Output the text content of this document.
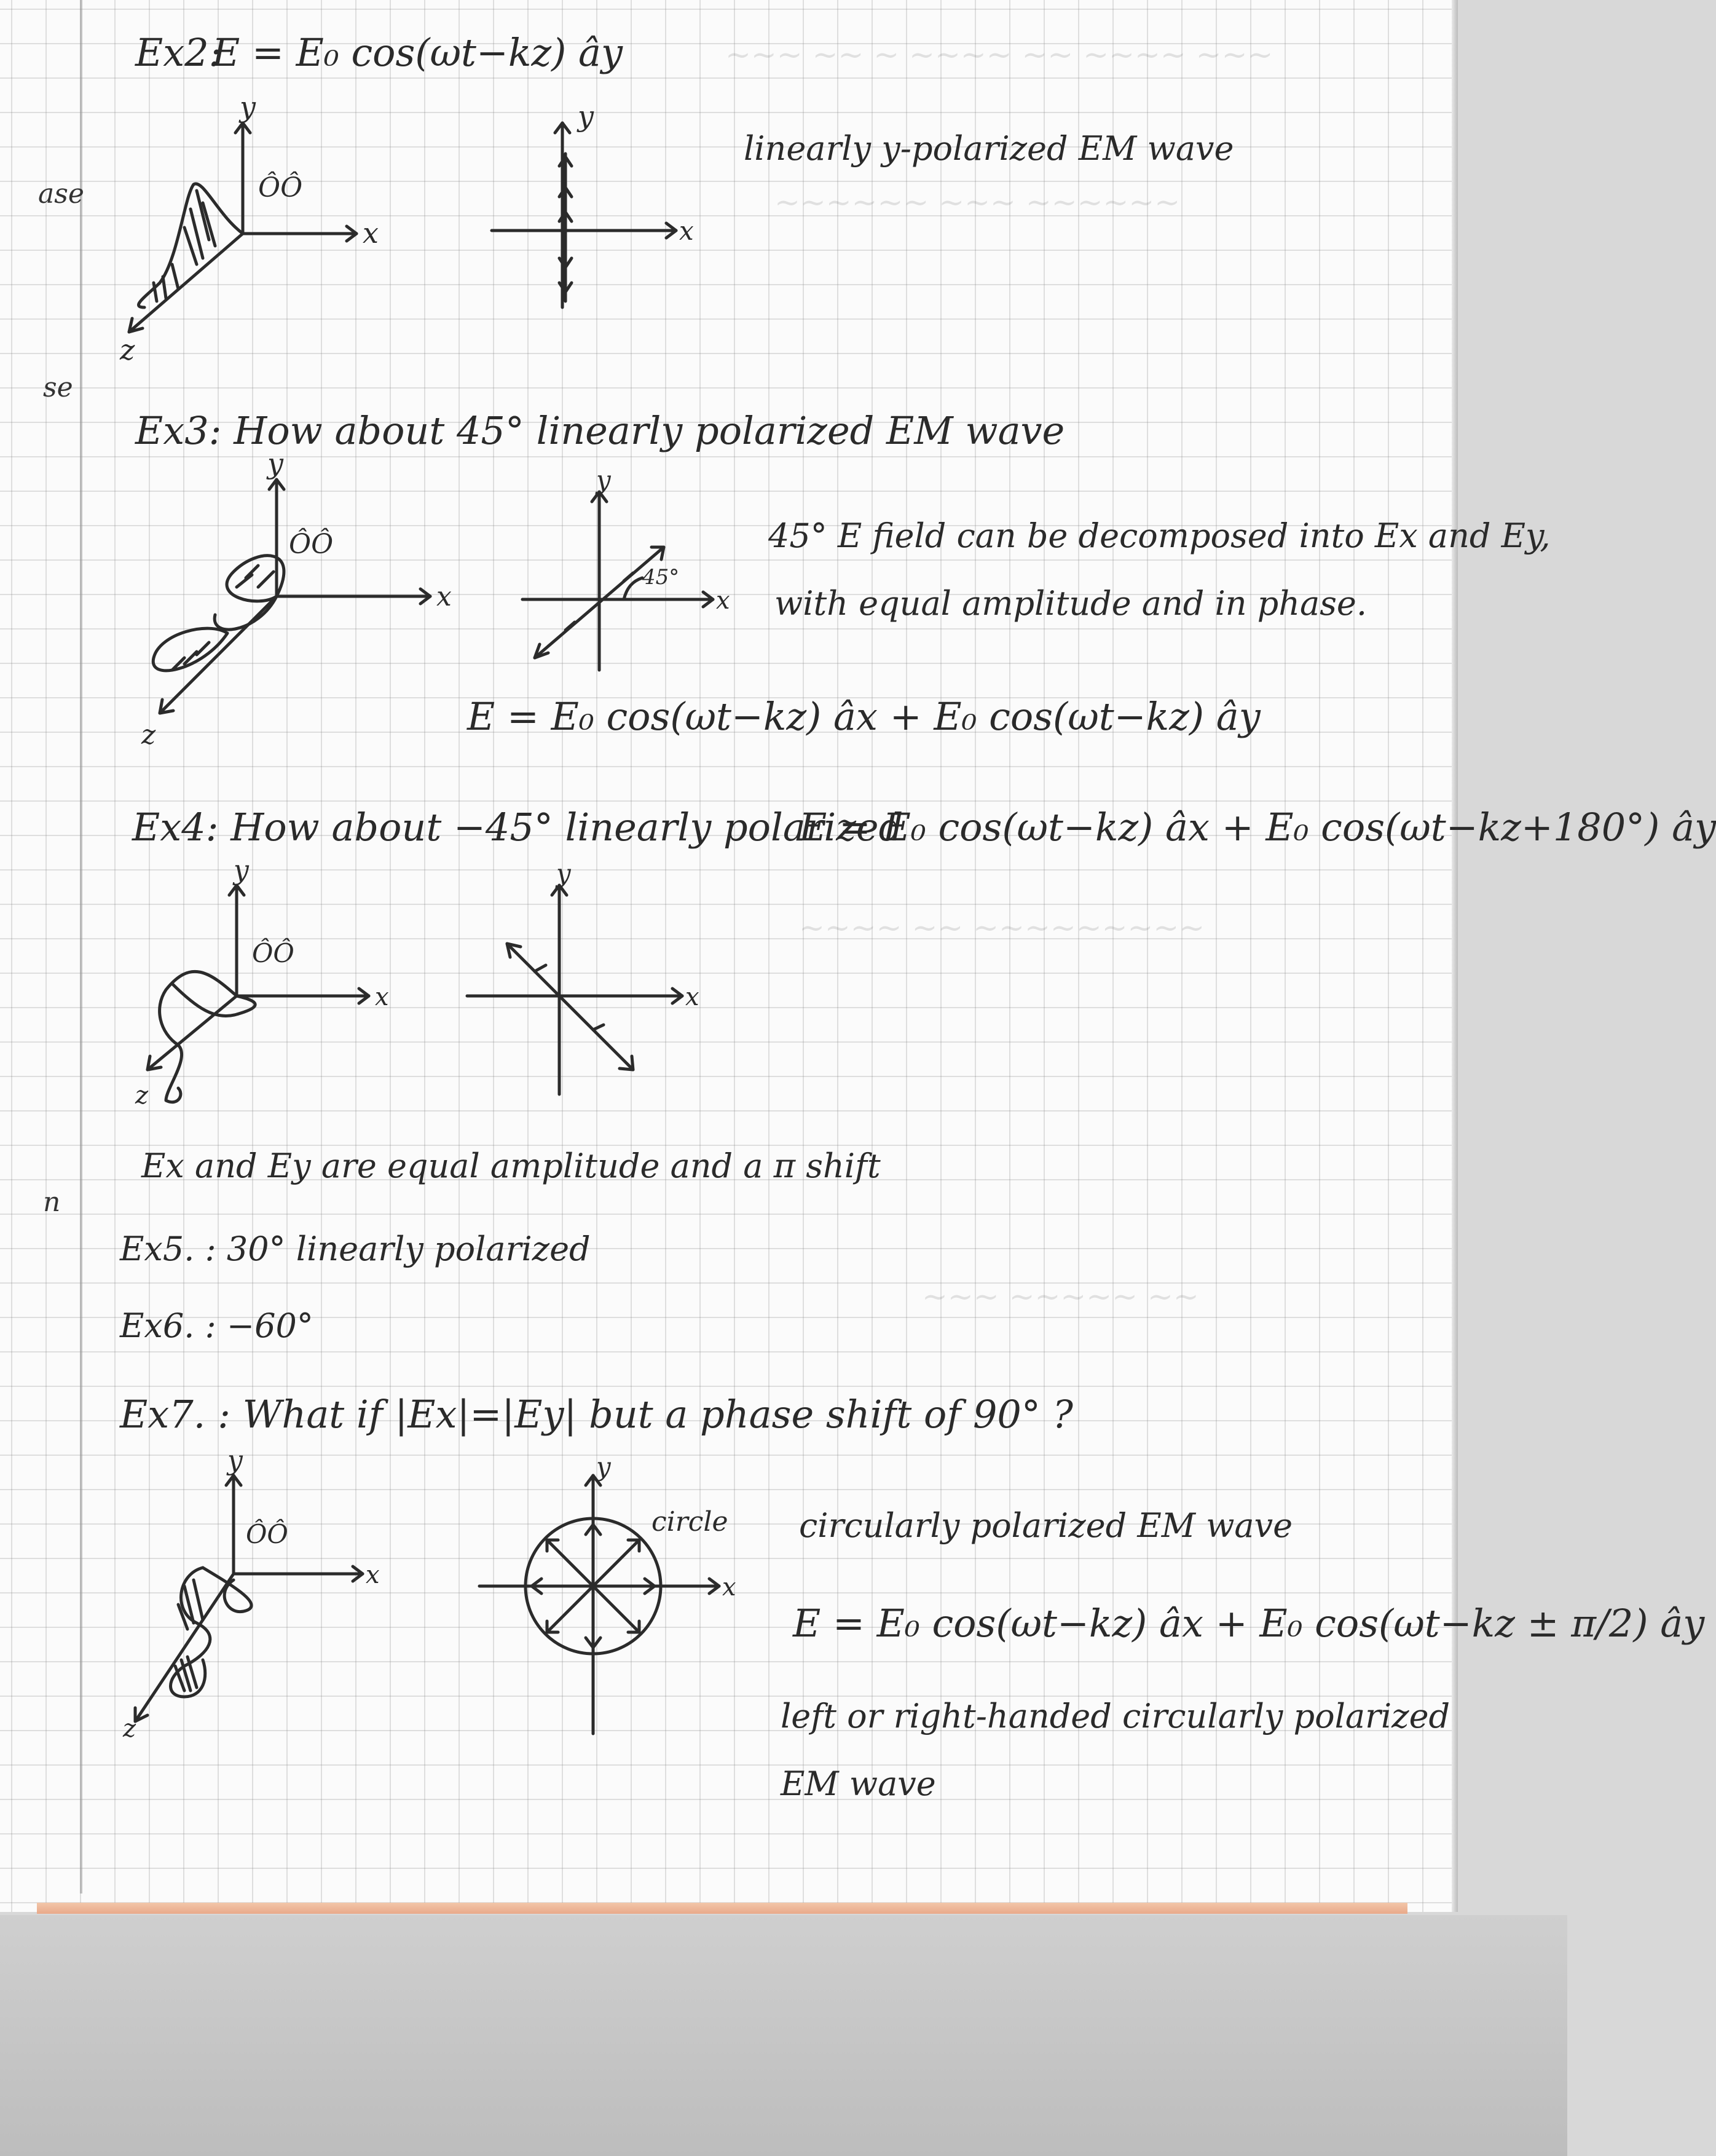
~~~ ~~ ~ ~~~~ ~~ ~~~~ ~~~
~~~~~~ ~~~ ~~~~~~
~~~~ ~~ ~~~~~~~~~
~~~ ~~~~~ ~~
ase
se
n
Ex2:
E = E₀ cos(ωt−kz) ây
linearly y-polarized EM wave
y
x
z
ÔÔ
y
x
Ex3: How about 45° linearly polarized EM wave
y
x
z
ÔÔ
y
x
45°
45° E field can be decomposed into Ex and Ey,
with equal amplitude and in phase.
E = E₀ cos(ωt−kz) âx + E₀ cos(ωt−kz) ây
Ex4: How about −45° linearly polarized
E = E₀ cos(ωt−kz) âx + E₀ cos(ωt−kz+180°) ây
y
x
z
ÔÔ
y
x
Ex and Ey are equal amplitude and a π shift
Ex5. : 30° linearly polarized
Ex6. : −60°
Ex7. : What if |Ex|=|Ey| but a phase shift of 90° ?
y
x
z
ÔÔ
y
x
circle circularly polarized EM wave
E = E₀ cos(ωt−kz) âx + E₀ cos(ωt−kz ± π/2) ây
left or right-handed circularly polarized
EM wave
